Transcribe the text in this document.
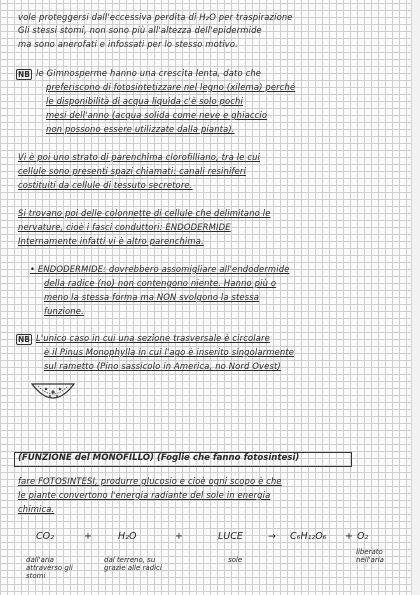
vole proteggersi dall'eccessiva perdita di H₂O per traspirazione
Gli stessi stomi, non sono più all'altezza dell'epidermide
ma sono anerofati e infossati per lo stesso motivo.
NB le Gimnosperme hanno una crescita lenta, dato che
preferiscono di fotosintetizzare nel legno (xilema) perché
le disponibilità di acqua liquida c'è solo pochi
mesi dell'anno (acqua solida come neve e ghiaccio
non possono essere utilizzate dalla pianta).
Vi è poi uno strato di parenchima clorofilliano, tra le cui
cellule sono presenti spazi chiamati: canali resiniferi
costituiti da cellule di tessuto secretore.
Si trovano poi delle colonnette di cellule che delimitano le
nervature, cioè i fasci conduttori: ENDODERMIDE
Internamente infatti vi è altro parenchima.
• ENDODERMIDE: dovrebbero assomigliare all'endodermide
della radice (no) non contengono niente. Hanno più o
meno la stessa forma ma NON svolgono la stessa
funzione.
NB L'unico caso in cui una sezione trasversale è circolare
è il Pinus Monophylla in cui l'ago è inserito singolarmente
sul rametto (Pino sassicolo in America, no Nord Ovest)
(FUNZIONE del MONOFILLO) (Foglie che fanno fotosintesi)
fare FOTOSINTESI, produrre glucosio e cioè ogni scopo è che
le piante convertono l'energia radiante del sole in energia
chimica.
CO₂	+	H₂O	+	LUCE	→ C₆H₁₂O₆ + O₂
dall'aria attraverso gli stomi
dal terreno, su grazie alle radici
sole
liberato nell'aria
